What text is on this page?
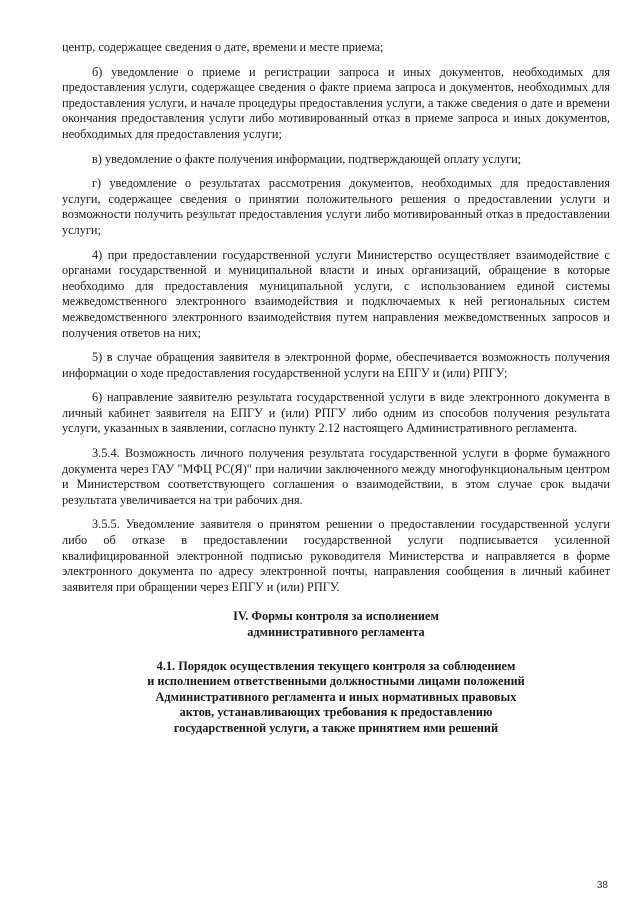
центр, содержащее сведения о дате, времени и месте приема;

б) уведомление о приеме и регистрации запроса и иных документов, необходимых для предоставления услуги, содержащее сведения о факте приема запроса и документов, необходимых для предоставления услуги, и начале процедуры предоставления услуги, а также сведения о дате и времени окончания предоставления услуги либо мотивированный отказ в приеме запроса и иных документов, необходимых для предоставления услуги;

в) уведомление о факте получения информации, подтверждающей оплату услуги;

г) уведомление о результатах рассмотрения документов, необходимых для предоставления услуги, содержащее сведения о принятии положительного решения о предоставлении услуги и возможности получить результат предоставления услуги либо мотивированный отказ в предоставлении услуги;

4) при предоставлении государственной услуги Министерство осуществляет взаимодействие с органами государственной и муниципальной власти и иных организаций, обращение в которые необходимо для предоставления муниципальной услуги, с использованием единой системы межведомственного электронного взаимодействия и подключаемых к ней региональных систем межведомственного электронного взаимодействия путем направления межведомственных запросов и получения ответов на них;

5) в случае обращения заявителя в электронной форме, обеспечивается возможность получения информации о ходе предоставления государственной услуги на ЕПГУ и (или) РПГУ;

6) направление заявителю результата государственной услуги в виде электронного документа в личный кабинет заявителя на ЕПГУ и (или) РПГУ либо одним из способов получения результата услуги, указанных в заявлении, согласно пункту 2.12 настоящего Административного регламента.

3.5.4. Возможность личного получения результата государственной услуги в форме бумажного документа через ГАУ "МФЦ РС(Я)" при наличии заключенного между многофункциональным центром и Министерством соответствующего соглашения о взаимодействии, в этом случае срок выдачи результата увеличивается на три рабочих дня.

3.5.5. Уведомление заявителя о принятом решении о предоставлении государственной услуги либо об отказе в предоставлении государственной услуги подписывается усиленной квалифицированной электронной подписью руководителя Министерства и направляется в форме электронного документа по адресу электронной почты, направления сообщения в личный кабинет заявителя при обращении через ЕПГУ и (или) РПГУ.

IV. Формы контроля за исполнением
административного регламента
4.1. Порядок осуществления текущего контроля за соблюдением
и исполнением ответственными должностными лицами положений
Административного регламента и иных нормативных правовых
актов, устанавливающих требования к предоставлению
государственной услуги, а также принятием ими решений
38
